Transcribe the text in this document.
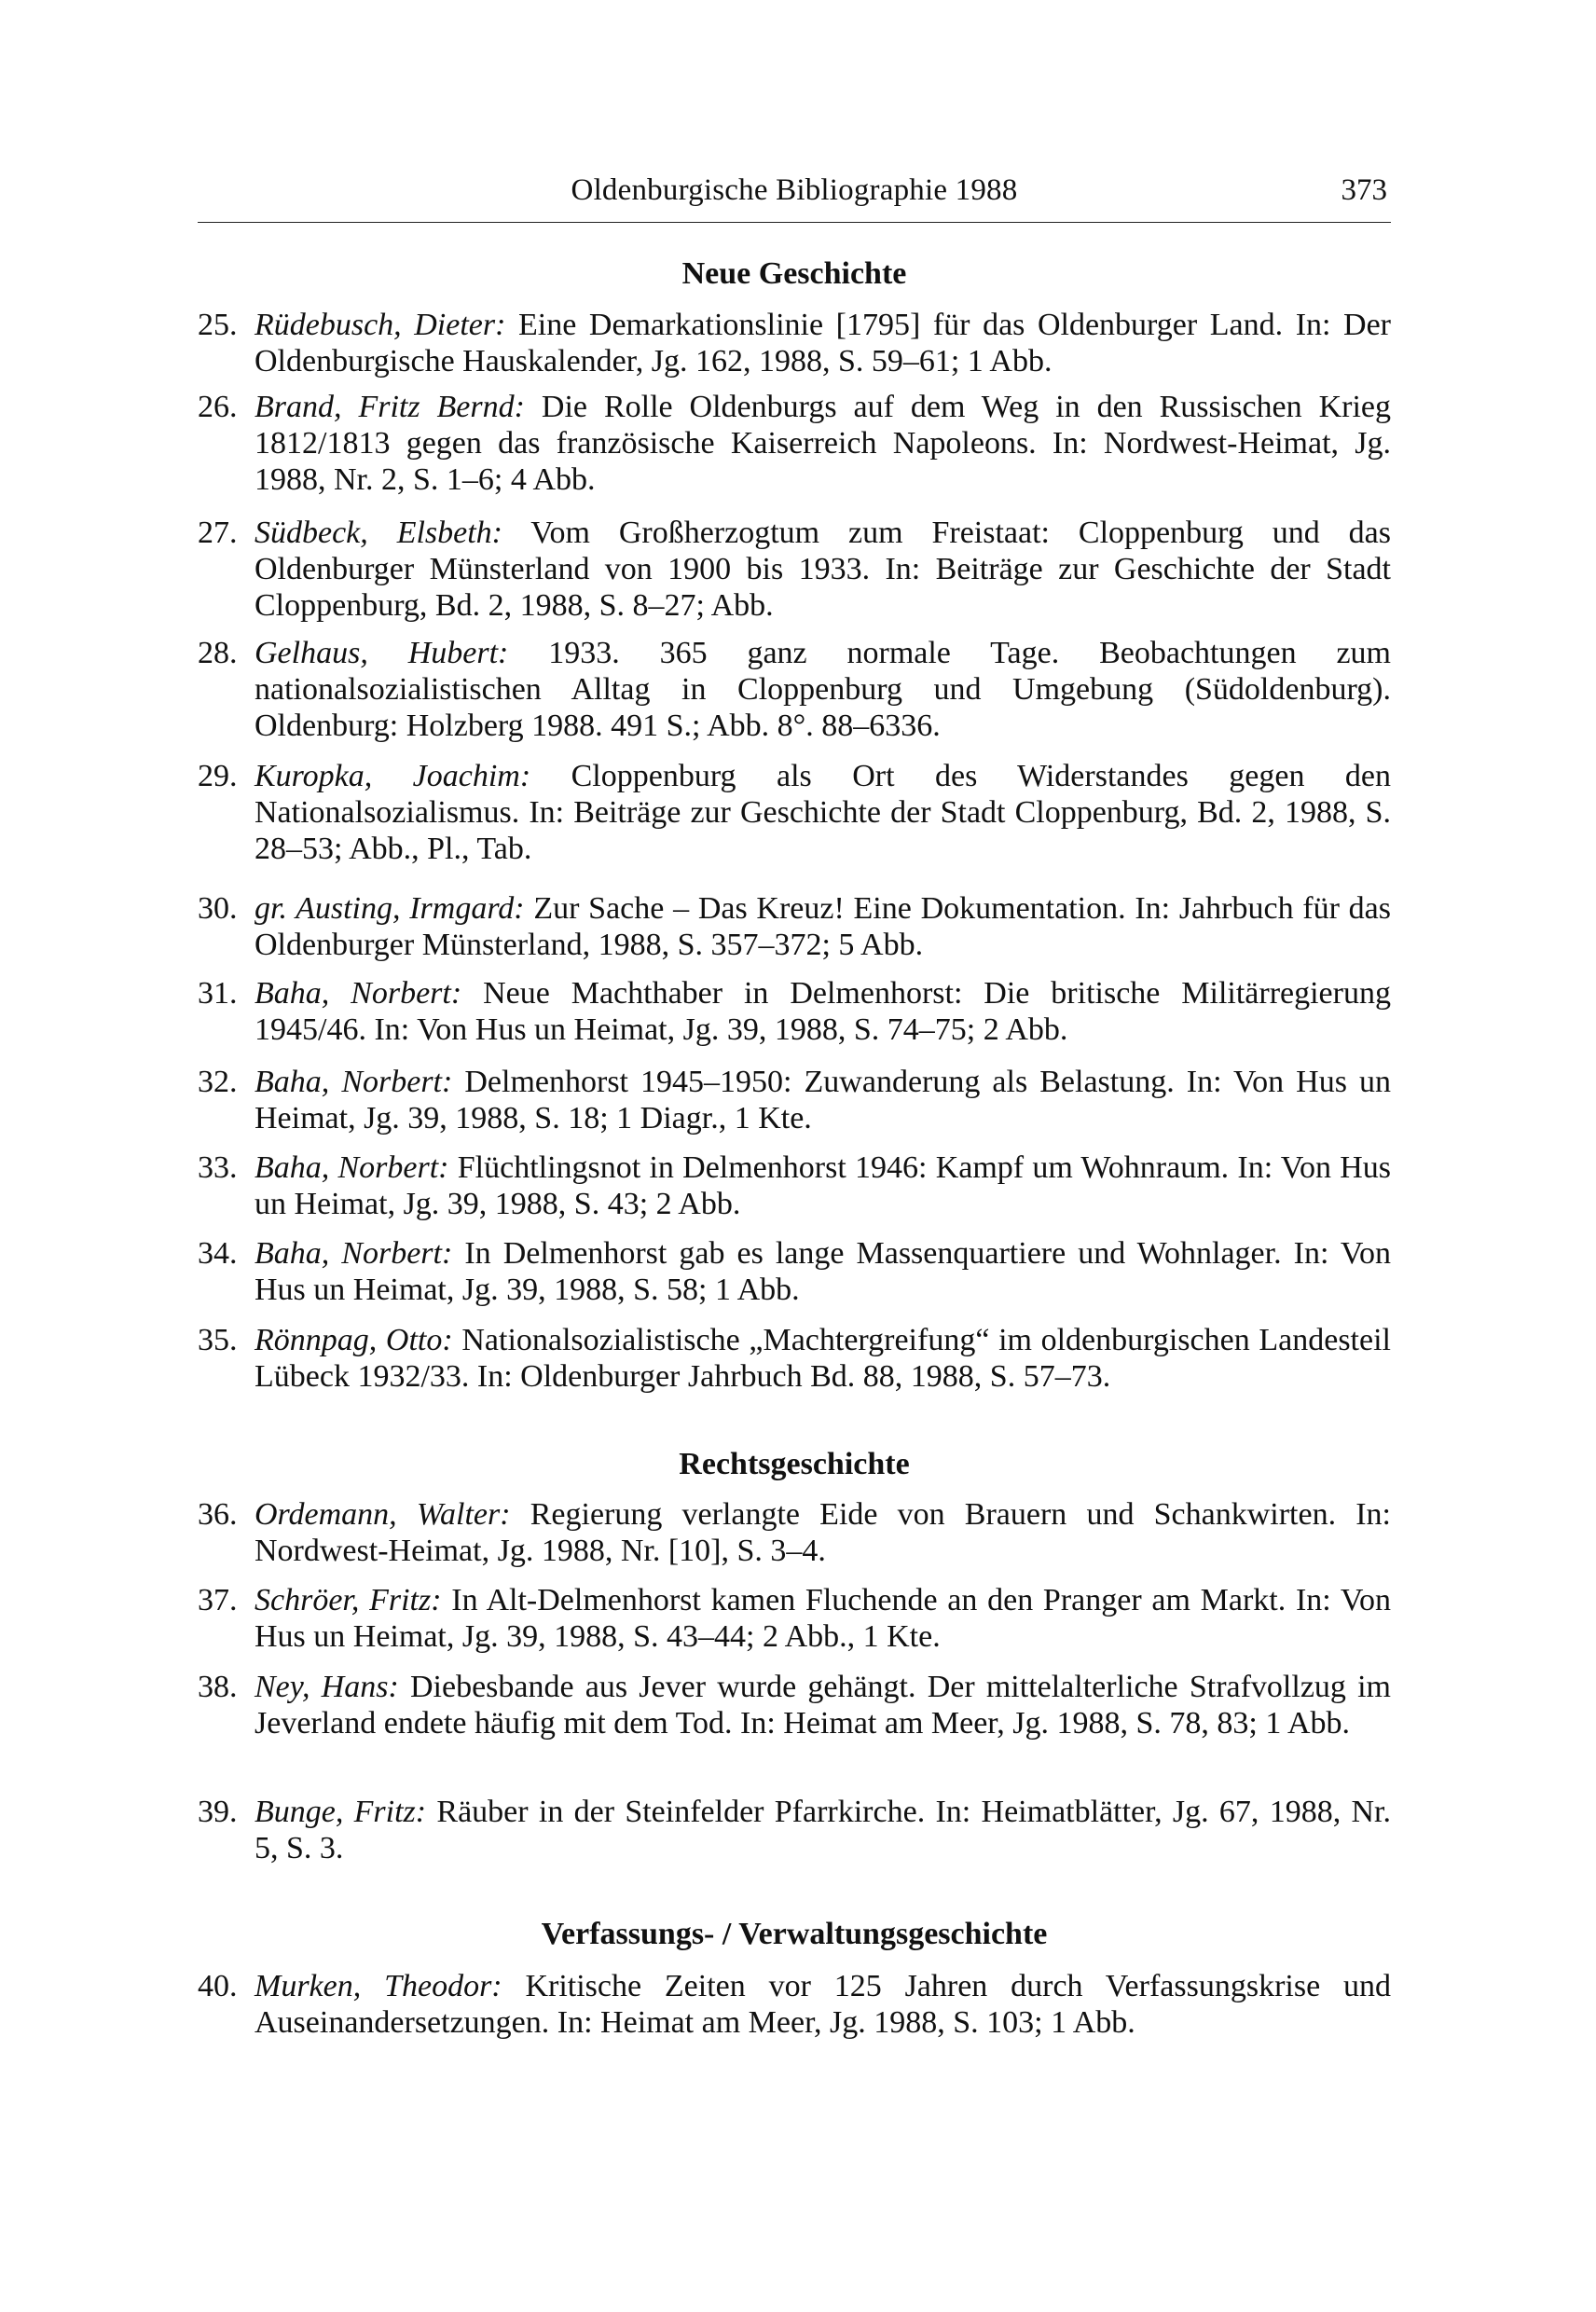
Oldenburgische Bibliographie 1988	373
Neue Geschichte
25. Rüdebusch, Dieter: Eine Demarkationslinie [1795] für das Oldenburger Land. In: Der Oldenburgische Hauskalender, Jg. 162, 1988, S. 59–61; 1 Abb.
26. Brand, Fritz Bernd: Die Rolle Oldenburgs auf dem Weg in den Russischen Krieg 1812/1813 gegen das französische Kaiserreich Napoleons. In: Nordwest-Heimat, Jg. 1988, Nr. 2, S. 1–6; 4 Abb.
27. Südbeck, Elsbeth: Vom Großherzogtum zum Freistaat: Cloppenburg und das Oldenburger Münsterland von 1900 bis 1933. In: Beiträge zur Geschichte der Stadt Cloppenburg, Bd. 2, 1988, S. 8–27; Abb.
28. Gelhaus, Hubert: 1933. 365 ganz normale Tage. Beobachtungen zum nationalsozialistischen Alltag in Cloppenburg und Umgebung (Südoldenburg). Oldenburg: Holzberg 1988. 491 S.; Abb. 8°. 88–6336.
29. Kuropka, Joachim: Cloppenburg als Ort des Widerstandes gegen den Nationalsozialismus. In: Beiträge zur Geschichte der Stadt Cloppenburg, Bd. 2, 1988, S. 28–53; Abb., Pl., Tab.
30. gr. Austing, Irmgard: Zur Sache – Das Kreuz! Eine Dokumentation. In: Jahrbuch für das Oldenburger Münsterland, 1988, S. 357–372; 5 Abb.
31. Baha, Norbert: Neue Machthaber in Delmenhorst: Die britische Militärregierung 1945/46. In: Von Hus un Heimat, Jg. 39, 1988, S. 74–75; 2 Abb.
32. Baha, Norbert: Delmenhorst 1945–1950: Zuwanderung als Belastung. In: Von Hus un Heimat, Jg. 39, 1988, S. 18; 1 Diagr., 1 Kte.
33. Baha, Norbert: Flüchtlingsnot in Delmenhorst 1946: Kampf um Wohnraum. In: Von Hus un Heimat, Jg. 39, 1988, S. 43; 2 Abb.
34. Baha, Norbert: In Delmenhorst gab es lange Massenquartiere und Wohnlager. In: Von Hus un Heimat, Jg. 39, 1988, S. 58; 1 Abb.
35. Rönnpag, Otto: Nationalsozialistische „Machtergreifung“ im oldenburgischen Landesteil Lübeck 1932/33. In: Oldenburger Jahrbuch Bd. 88, 1988, S. 57–73.
Rechtsgeschichte
36. Ordemann, Walter: Regierung verlangte Eide von Brauern und Schankwirten. In: Nordwest-Heimat, Jg. 1988, Nr. [10], S. 3–4.
37. Schröer, Fritz: In Alt-Delmenhorst kamen Fluchende an den Pranger am Markt. In: Von Hus un Heimat, Jg. 39, 1988, S. 43–44; 2 Abb., 1 Kte.
38. Ney, Hans: Diebesbande aus Jever wurde gehängt. Der mittelalterliche Strafvollzug im Jeverland endete häufig mit dem Tod. In: Heimat am Meer, Jg. 1988, S. 78, 83; 1 Abb.
39. Bunge, Fritz: Räuber in der Steinfelder Pfarrkirche. In: Heimatblätter, Jg. 67, 1988, Nr. 5, S. 3.
Verfassungs- / Verwaltungsgeschichte
40. Murken, Theodor: Kritische Zeiten vor 125 Jahren durch Verfassungskrise und Auseinandersetzungen. In: Heimat am Meer, Jg. 1988, S. 103; 1 Abb.
